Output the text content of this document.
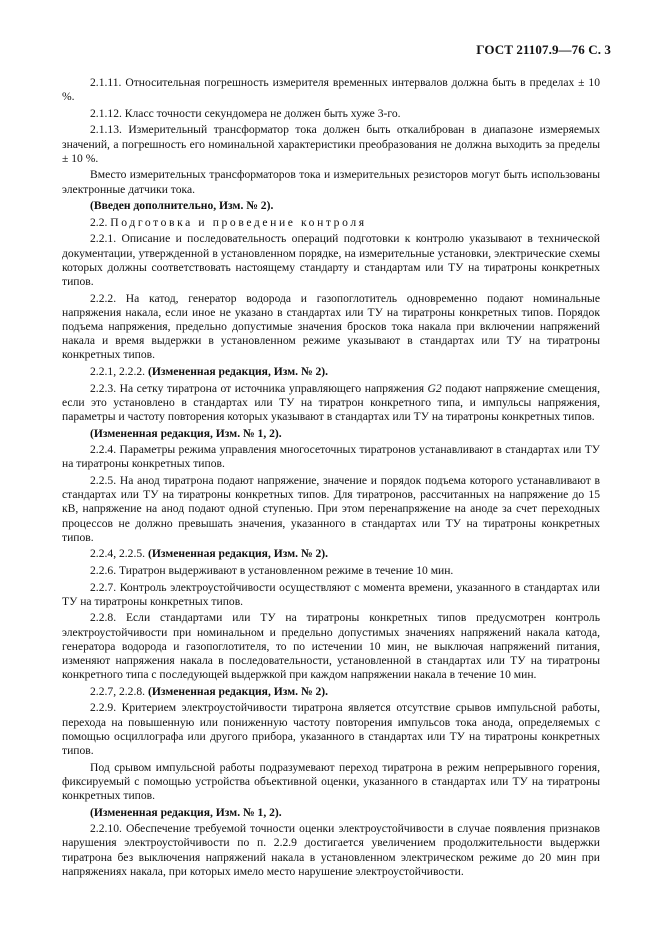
ГОСТ 21107.9—76 С. 3

2.1.11. Относительная погрешность измерителя временных интервалов должна быть в пределах ± 10 %.

2.1.12. Класс точности секундомера не должен быть хуже 3-го.

2.1.13. Измерительный трансформатор тока должен быть откалиброван в диапазоне измеряемых значений, а погрешность его номинальной характеристики преобразования не должна выходить за пределы ± 10 %.

Вместо измерительных трансформаторов тока и измерительных резисторов могут быть использованы электронные датчики тока.

(Введен дополнительно, Изм. № 2).

2.2. Подготовка и проведение контроля

2.2.1. Описание и последовательность операций подготовки к контролю указывают в технической документации, утвержденной в установленном порядке, на измерительные установки, электрические схемы которых должны соответствовать настоящему стандарту и стандартам или ТУ на тиратроны конкретных типов.

2.2.2. На катод, генератор водорода и газопоглотитель одновременно подают номинальные напряжения накала, если иное не указано в стандартах или ТУ на тиратроны конкретных типов. Порядок подъема напряжения, предельно допустимые значения бросков тока накала при включении напряжений накала и время выдержки в установленном режиме указывают в стандартах или ТУ на тиратроны конкретных типов.

2.2.1, 2.2.2. (Измененная редакция, Изм. № 2).

2.2.3. На сетку тиратрона от источника управляющего напряжения G2 подают напряжение смещения, если это установлено в стандартах или ТУ на тиратрон конкретного типа, и импульсы напряжения, параметры и частоту повторения которых указывают в стандартах или ТУ на тиратроны конкретных типов.

(Измененная редакция, Изм. № 1, 2).

2.2.4. Параметры режима управления многосеточных тиратронов устанавливают в стандартах или ТУ на тиратроны конкретных типов.

2.2.5. На анод тиратрона подают напряжение, значение и порядок подъема которого устанавливают в стандартах или ТУ на тиратроны конкретных типов. Для тиратронов, рассчитанных на напряжение до 15 кВ, напряжение на анод подают одной ступенью. При этом перенапряжение на аноде за счет переходных процессов не должно превышать значения, указанного в стандартах или ТУ на тиратроны конкретных типов.

2.2.4, 2.2.5. (Измененная редакция, Изм. № 2).

2.2.6. Тиратрон выдерживают в установленном режиме в течение 10 мин.

2.2.7. Контроль электроустойчивости осуществляют с момента времени, указанного в стандартах или ТУ на тиратроны конкретных типов.

2.2.8. Если стандартами или ТУ на тиратроны конкретных типов предусмотрен контроль электроустойчивости при номинальном и предельно допустимых значениях напряжений накала катода, генератора водорода и газопоглотителя, то по истечении 10 мин, не выключая напряжений питания, изменяют напряжения накала в последовательности, установленной в стандартах или ТУ на тиратроны конкретного типа с последующей выдержкой при каждом напряжении накала в течение 10 мин.

2.2.7, 2.2.8. (Измененная редакция, Изм. № 2).

2.2.9. Критерием электроустойчивости тиратрона является отсутствие срывов импульсной работы, перехода на повышенную или пониженную частоту повторения импульсов тока анода, определяемых с помощью осциллографа или другого прибора, указанного в стандартах или ТУ на тиратроны конкретных типов.

Под срывом импульсной работы подразумевают переход тиратрона в режим непрерывного горения, фиксируемый с помощью устройства объективной оценки, указанного в стандартах или ТУ на тиратроны конкретных типов.

(Измененная редакция, Изм. № 1, 2).

2.2.10. Обеспечение требуемой точности оценки электроустойчивости в случае появления признаков нарушения электроустойчивости по п. 2.2.9 достигается увеличением продолжительности выдержки тиратрона без выключения напряжений накала в установленном электрическом режиме до 20 мин при напряжениях накала, при которых имело место нарушение электроустойчивости.
